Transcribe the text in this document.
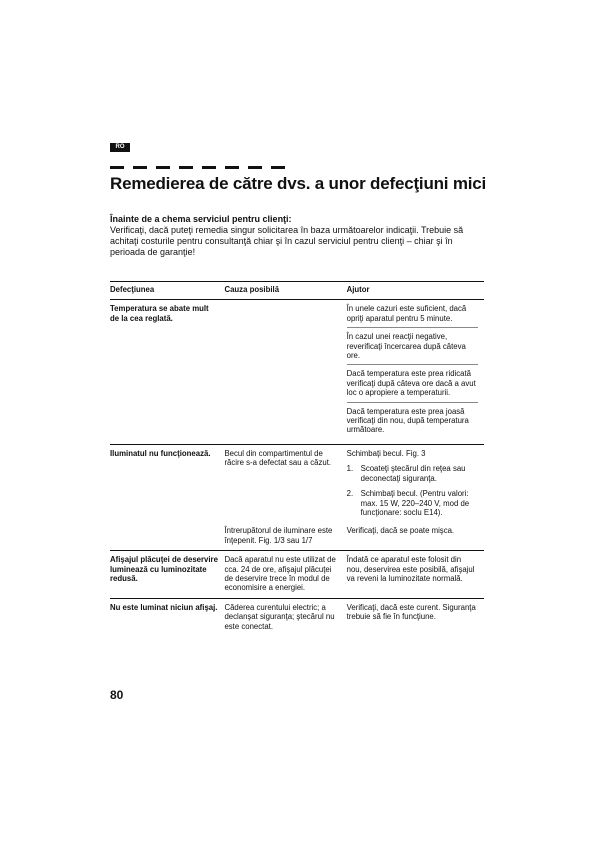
RO
Remedierea de către dvs. a unor defecţiuni mici
Înainte de a chema serviciul pentru clienţi:

Verificaţi, dacă puteţi remedia singur solicitarea în baza următoarelor indicaţii. Trebuie să achitaţi costurile pentru consultanţă chiar şi în cazul serviciul pentru clienţi – chiar şi în perioada de garanţie!

Defecţiunea	Cauza posibilă	Ajutor
Temperatura se abate mult de la cea reglată.		În unele cazuri este suficient, dacă opriţi aparatul pentru 5 minute.
În cazul unei reacţii negative, reverificaţi încercarea după câteva ore.
Dacă temperatura este prea ridicată verificaţi după câteva ore dacă a avut loc o apropiere a temperaturii.
Dacă temperatura este prea joasă verificaţi din nou, după temperatura următoare.

Iluminatul nu funcţionează.	Becul din compartimentul de răcire s-a defectat sau a căzut.	Schimbaţi becul. Fig. 3
1. Scoateţi ştecărul din reţea sau deconectaţi siguranţa.
2. Schimbaţi becul. (Pentru valori: max. 15 W, 220–240 V, mod de funcţionare: soclu E14).

	Întrerupătorul de iluminare este înţepenit. Fig. 1/3 sau 1/7	Verificaţi, dacă se poate mişca.
Afişajul plăcuţei de deservire luminează cu luminozitate redusă.	Dacă aparatul nu este utilizat de cca. 24 de ore, afişajul plăcuţei de deservire trece în modul de economisire a energiei.	Îndată ce aparatul este folosit din nou, deservirea este posibilă, afişajul va reveni la luminozitate normală.
Nu este luminat niciun afişaj.	Căderea curentului electric; a declanşat siguranţa; ştecărul nu este conectat.	Verificaţi, dacă este curent. Siguranţa trebuie să fie în funcţiune.
80
